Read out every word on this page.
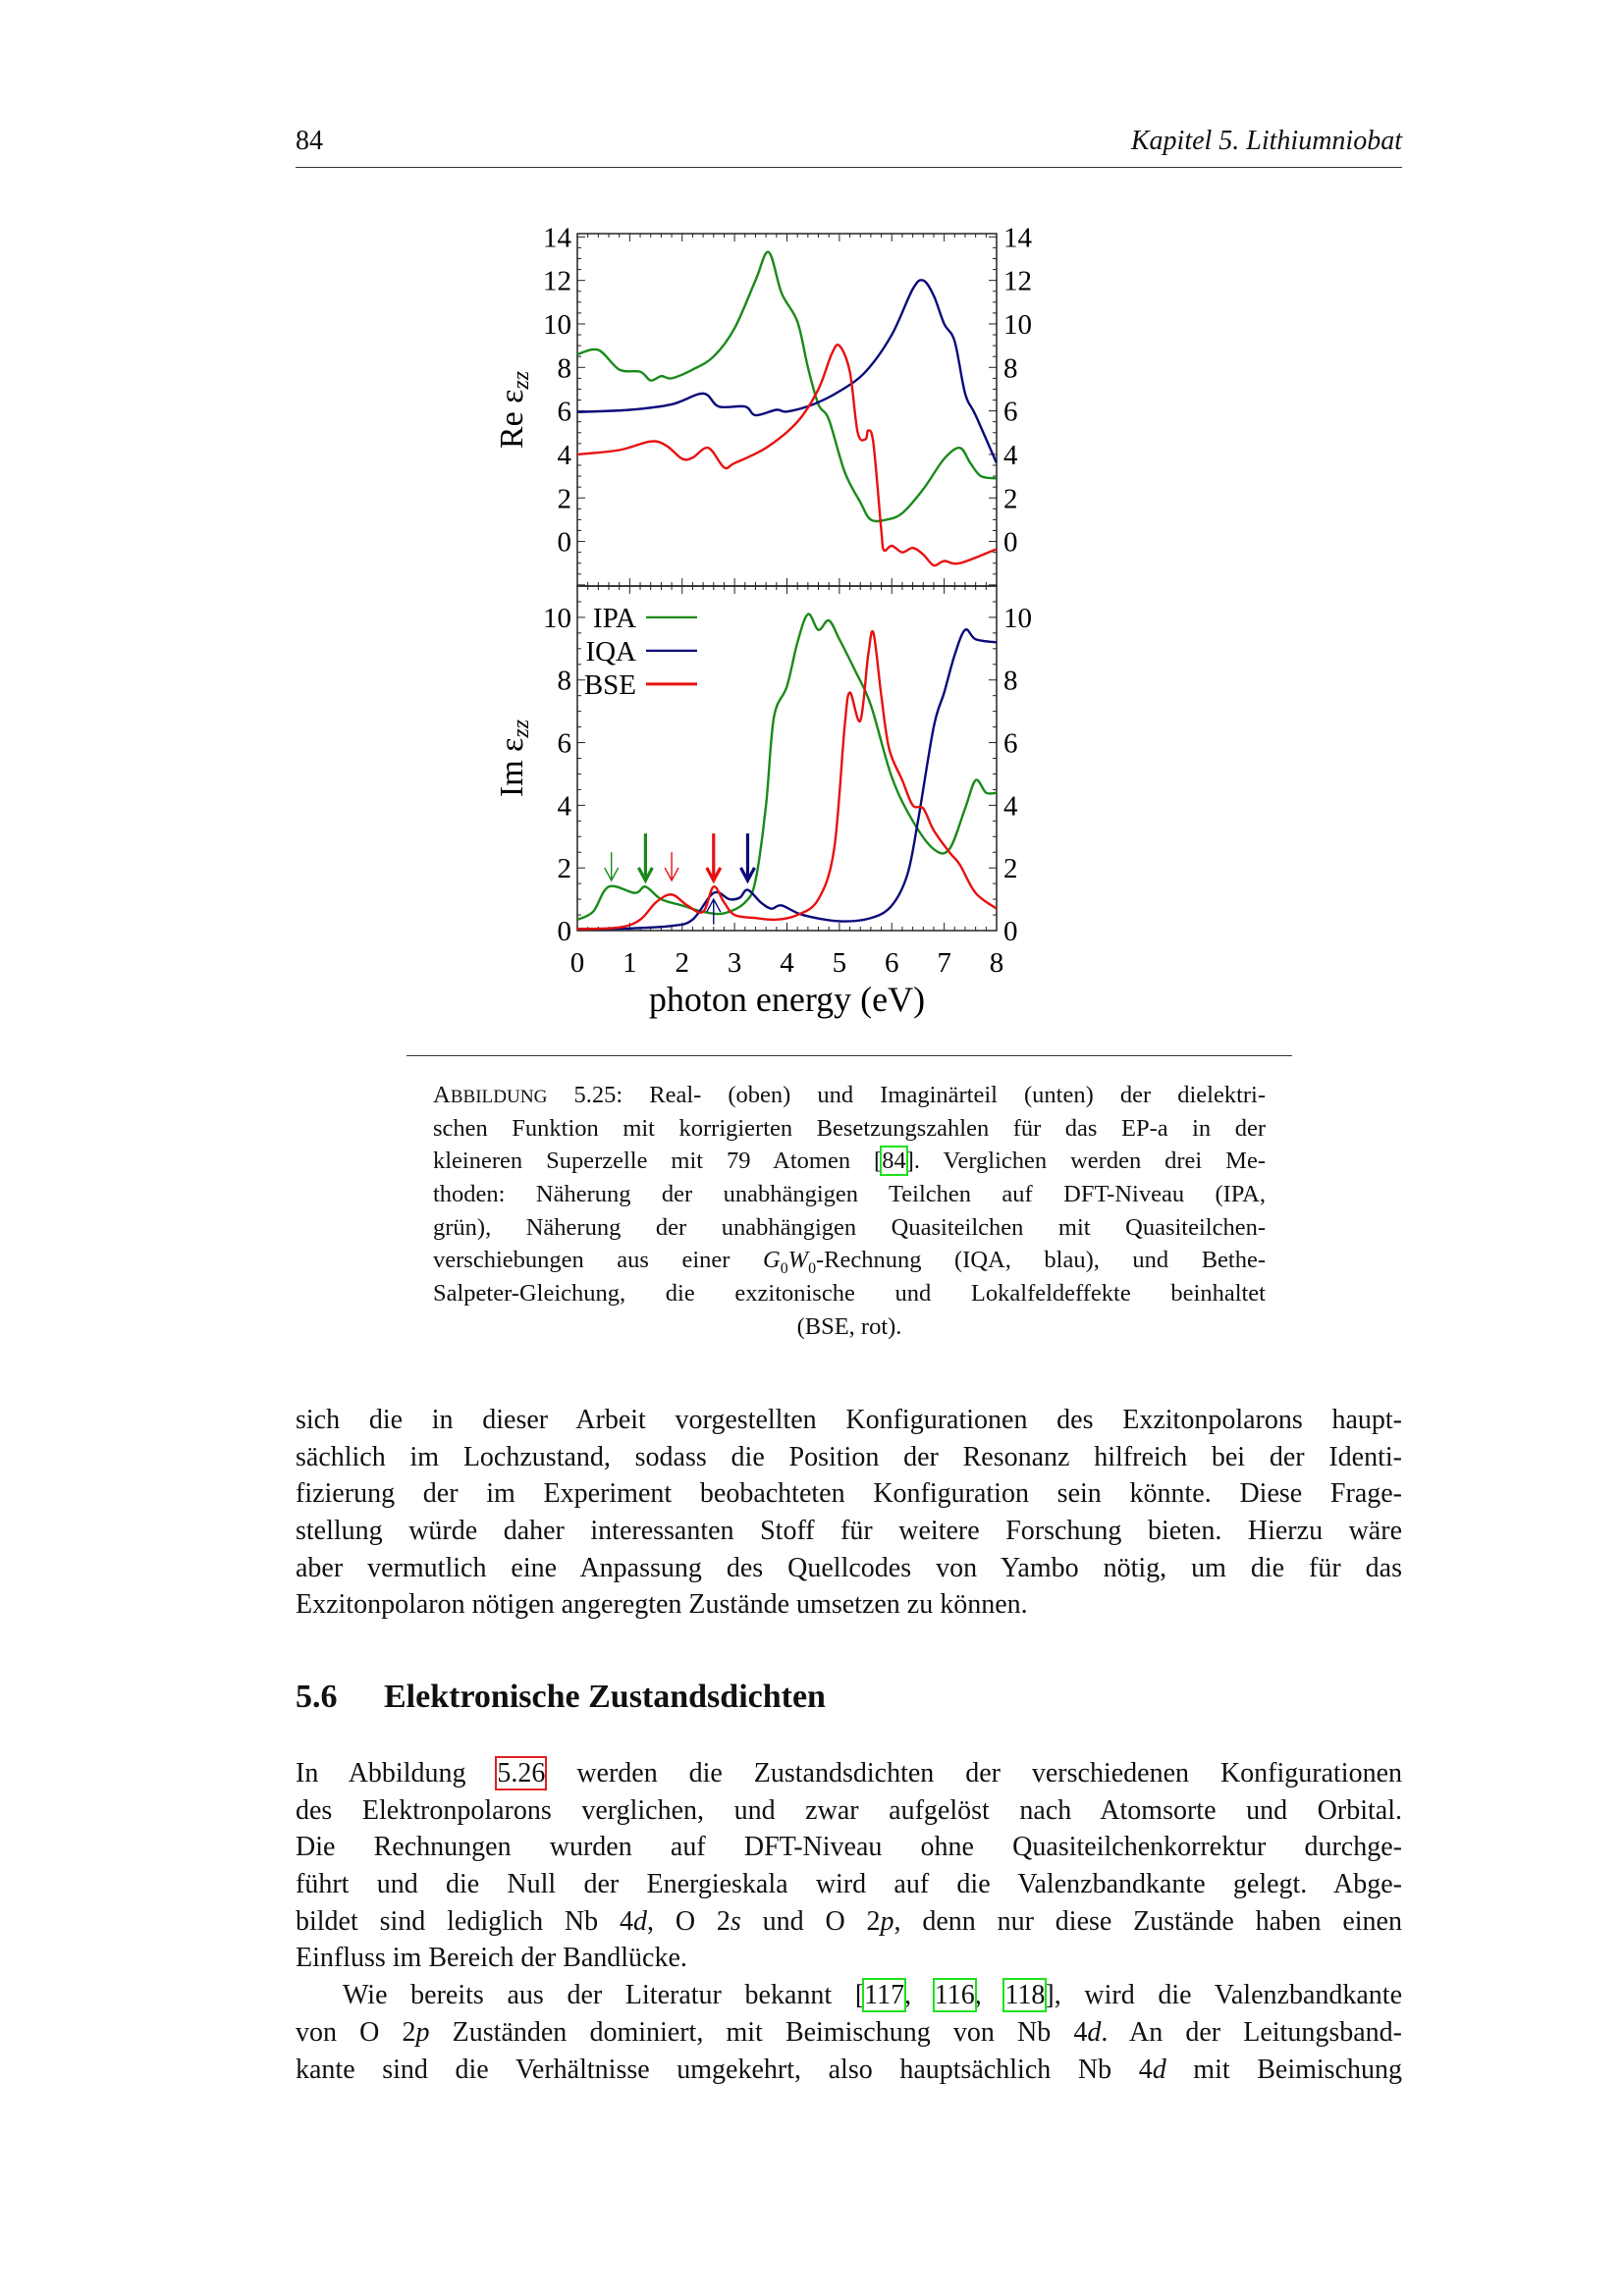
84	Kapitel 5. Lithiumniobat
0	0
2	2
4	4
6	6
8	8
10	10
12	12
14	14
Re εzz
0	0
2	2
4	4
6	6
8	8
10	10
Im εzz
0 1 2 3 4 5 6 7 8
photon energy (eV)
IPA
IQA
BSE
ABBILDUNG 5.25: Real- (oben) und Imaginärteil (unten) der dielektri-
schen Funktion mit korrigierten Besetzungszahlen für das EP-a in der
kleineren Superzelle mit 79 Atomen [84]. Verglichen werden drei Me-
thoden: Näherung der unabhängigen Teilchen auf DFT-Niveau (IPA,
grün), Näherung der unabhängigen Quasiteilchen mit Quasiteilchen-
verschiebungen aus einer $G_0W_0$-Rechnung (IQA, blau), und Bethe-
Salpeter-Gleichung, die exzitonische und Lokalfeldeffekte beinhaltet
(BSE, rot).
sich die in dieser Arbeit vorgestellten Konfigurationen des Exzitonpolarons haupt-
sächlich im Lochzustand, sodass die Position der Resonanz hilfreich bei der Identi-
fizierung der im Experiment beobachteten Konfiguration sein könnte. Diese Frage-
stellung würde daher interessanten Stoff für weitere Forschung bieten. Hierzu wäre
aber vermutlich eine Anpassung des Quellcodes von Yambo nötig, um die für das
Exzitonpolaron nötigen angeregten Zustände umsetzen zu können.
5.6 Elektronische Zustandsdichten
In Abbildung 5.26 werden die Zustandsdichten der verschiedenen Konfigurationen
des Elektronpolarons verglichen, und zwar aufgelöst nach Atomsorte und Orbital.
Die Rechnungen wurden auf DFT-Niveau ohne Quasiteilchenkorrektur durchge-
führt und die Null der Energieskala wird auf die Valenzbandkante gelegt. Abge-
bildet sind lediglich Nb 4d, O 2s und O 2p, denn nur diese Zustände haben einen
Einfluss im Bereich der Bandlücke.
Wie bereits aus der Literatur bekannt [117, 116, 118], wird die Valenzbandkante
von O 2p Zuständen dominiert, mit Beimischung von Nb 4d. An der Leitungsband-
kante sind die Verhältnisse umgekehrt, also hauptsächlich Nb 4d mit Beimischung
